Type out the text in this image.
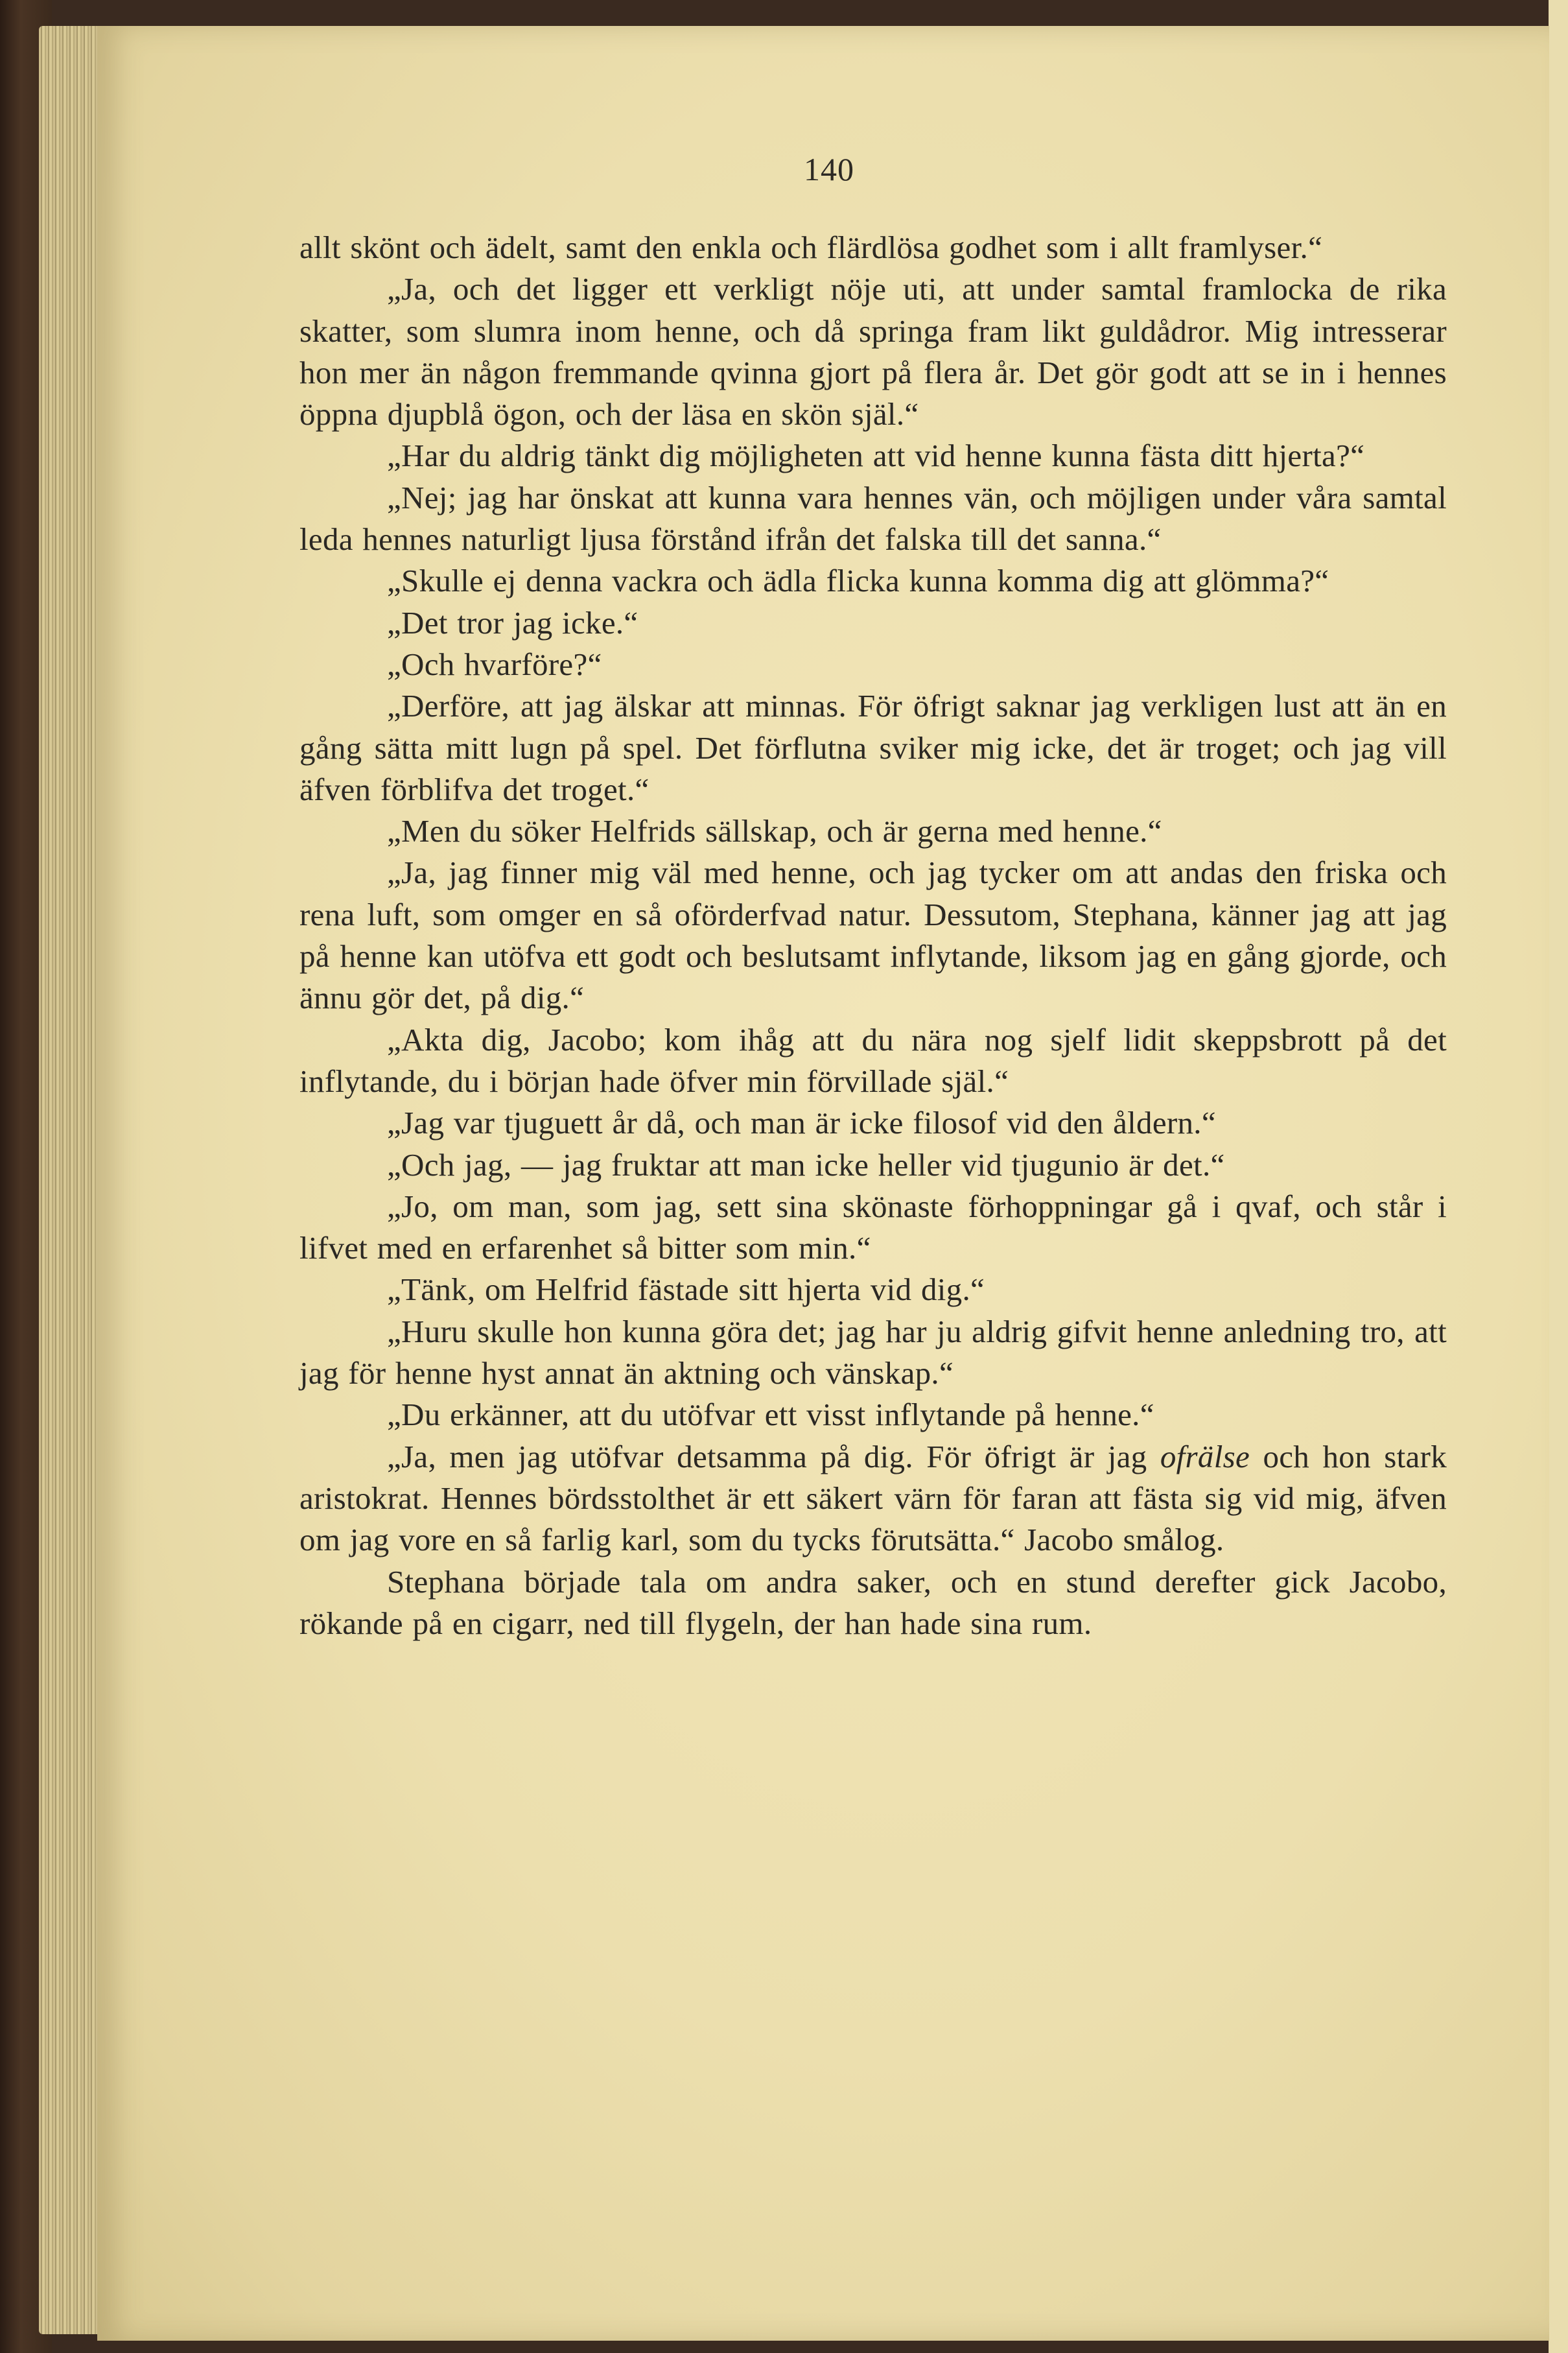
140

allt skönt och ädelt, samt den enkla och flärdlösa godhet som i allt framlyser.“

„Ja, och det ligger ett verkligt nöje uti, att under samtal framlocka de rika skatter, som slumra inom henne, och då springa fram likt guldådror. Mig intresserar hon mer än någon fremmande qvinna gjort på flera år. Det gör godt att se in i hennes öppna djupblå ögon, och der läsa en skön själ.“

„Har du aldrig tänkt dig möjligheten att vid henne kunna fästa ditt hjerta?“

„Nej; jag har önskat att kunna vara hennes vän, och möjligen under våra samtal leda hennes naturligt ljusa förstånd ifrån det falska till det sanna.“

„Skulle ej denna vackra och ädla flicka kunna komma dig att glömma?“

„Det tror jag icke.“

„Och hvarföre?“

„Derföre, att jag älskar att minnas. För öfrigt saknar jag verkligen lust att än en gång sätta mitt lugn på spel. Det förflutna sviker mig icke, det är troget; och jag vill äfven förblifva det troget.“

„Men du söker Helfrids sällskap, och är gerna med henne.“

„Ja, jag finner mig väl med henne, och jag tycker om att andas den friska och rena luft, som omger en så oförderfvad natur. Dessutom, Stephana, känner jag att jag på henne kan utöfva ett godt och beslutsamt inflytande, liksom jag en gång gjorde, och ännu gör det, på dig.“

„Akta dig, Jacobo; kom ihåg att du nära nog sjelf lidit skeppsbrott på det inflytande, du i början hade öfver min förvillade själ.“

„Jag var tjuguett år då, och man är icke filosof vid den åldern.“

„Och jag, — jag fruktar att man icke heller vid tjugunio är det.“

„Jo, om man, som jag, sett sina skönaste förhoppningar gå i qvaf, och står i lifvet med en erfarenhet så bitter som min.“

„Tänk, om Helfrid fästade sitt hjerta vid dig.“

„Huru skulle hon kunna göra det; jag har ju aldrig gifvit henne anledning tro, att jag för henne hyst annat än aktning och vänskap.“

„Du erkänner, att du utöfvar ett visst inflytande på henne.“

„Ja, men jag utöfvar detsamma på dig. För öfrigt är jag ofrälse och hon stark aristokrat. Hennes bördsstolthet är ett säkert värn för faran att fästa sig vid mig, äfven om jag vore en så farlig karl, som du tycks förutsätta.“ Jacobo smålog.

Stephana började tala om andra saker, och en stund derefter gick Jacobo, rökande på en cigarr, ned till flygeln, der han hade sina rum.
